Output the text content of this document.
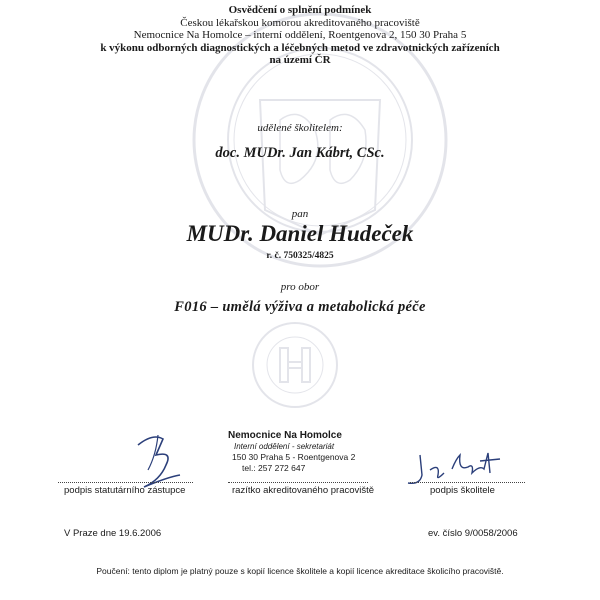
Osvědčení o splnění podmínek
Českou lékařskou komorou akreditovaného pracoviště
Nemocnice Na Homolce – interní oddělení, Roentgenova 2, 150 30 Praha 5
k výkonu odborných diagnostických a léčebných metod ve zdravotnických zařízeních
na území ČR
udělené školitelem:
doc. MUDr. Jan Kábrt, CSc.
pan
MUDr. Daniel Hudeček
r. č. 750325/4825
pro obor
F016 – umělá výživa a metabolická péče
podpis statutárního zástupce
Nemocnice Na Homolce
Interní oddělení - sekretariát
150 30 Praha 5 - Roentgenova 2
tel.: 257 272 647
razítko akreditovaného pracoviště	podpis školitele
V Praze dne 19.6.2006	ev. číslo 9/0058/2006
Poučení: tento diplom je platný pouze s kopií licence školitele a kopií licence akreditace školicího pracoviště.
